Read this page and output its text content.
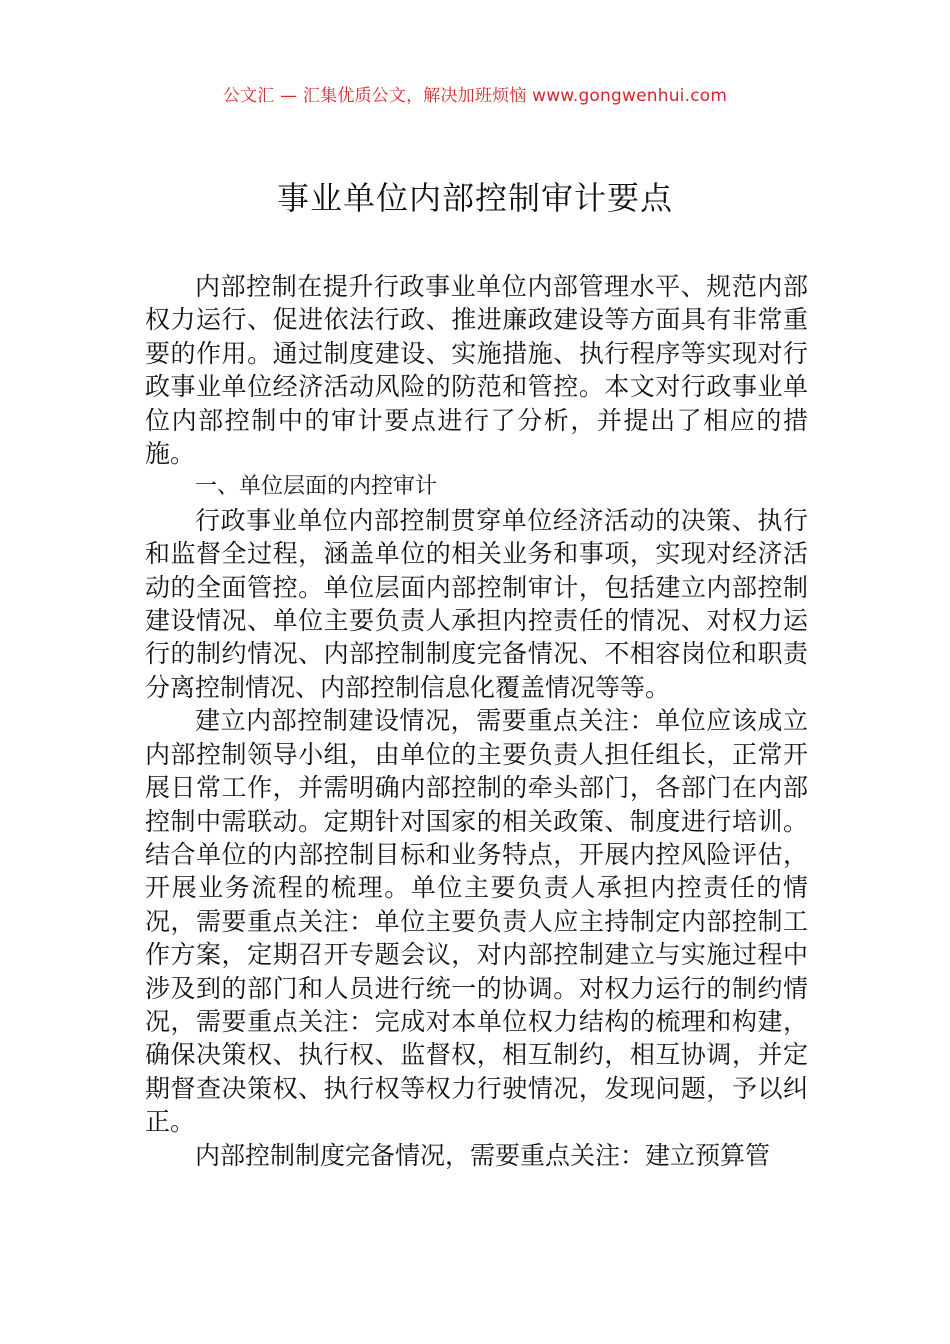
公文汇 — 汇集优质公文，解决加班烦恼 www.gongwenhui.com
事业单位内部控制审计要点

内部控制在提升行政事业单位内部管理水平、规范内部权力运行、促进依法行政、推进廉政建设等方面具有非常重要的作用。通过制度建设、实施措施、执行程序等实现对行政事业单位经济活动风险的防范和管控。本文对行政事业单位内部控制中的审计要点进行了分析，并提出了相应的措施。

一、单位层面的内控审计

行政事业单位内部控制贯穿单位经济活动的决策、执行和监督全过程，涵盖单位的相关业务和事项，实现对经济活动的全面管控。单位层面内部控制审计，包括建立内部控制建设情况、单位主要负责人承担内控责任的情况、对权力运行的制约情况、内部控制制度完备情况、不相容岗位和职责分离控制情况、内部控制信息化覆盖情况等等。

建立内部控制建设情况，需要重点关注：单位应该成立内部控制领导小组，由单位的主要负责人担任组长，正常开展日常工作，并需明确内部控制的牵头部门，各部门在内部控制中需联动。定期针对国家的相关政策、制度进行培训。结合单位的内部控制目标和业务特点，开展内控风险评估，开展业务流程的梳理。单位主要负责人承担内控责任的情况，需要重点关注：单位主要负责人应主持制定内部控制工作方案，定期召开专题会议，对内部控制建立与实施过程中涉及到的部门和人员进行统一的协调。对权力运行的制约情况，需要重点关注：完成对本单位权力结构的梳理和构建，确保决策权、执行权、监督权，相互制约，相互协调，并定期督查决策权、执行权等权力行驶情况，发现问题，予以纠正。

内部控制制度完备情况，需要重点关注：建立预算管
